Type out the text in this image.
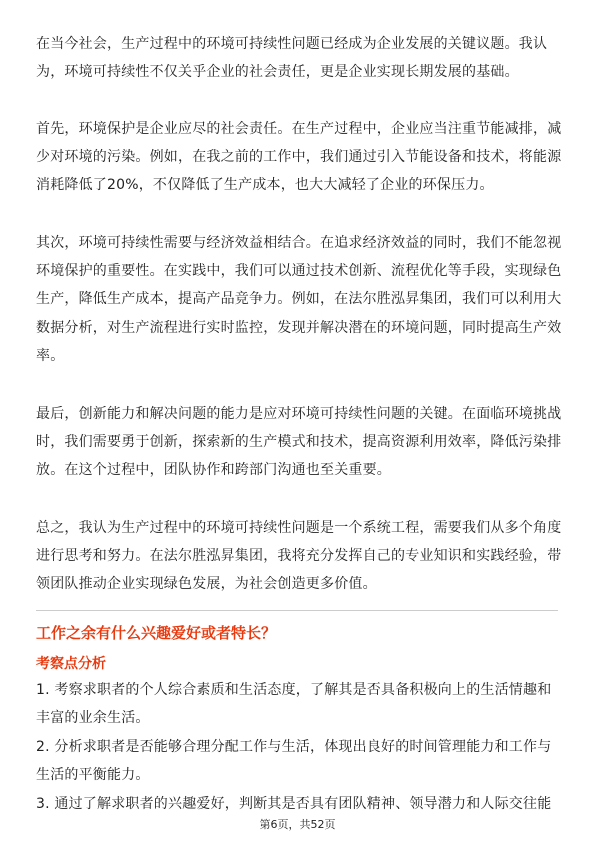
在当今社会，生产过程中的环境可持续性问题已经成为企业发展的关键议题。我认为，环境可持续性不仅关乎企业的社会责任，更是企业实现长期发展的基础。

首先，环境保护是企业应尽的社会责任。在生产过程中，企业应当注重节能减排，减少对环境的污染。例如，在我之前的工作中，我们通过引入节能设备和技术，将能源消耗降低了20%，不仅降低了生产成本，也大大减轻了企业的环保压力。

其次，环境可持续性需要与经济效益相结合。在追求经济效益的同时，我们不能忽视环境保护的重要性。在实践中，我们可以通过技术创新、流程优化等手段，实现绿色生产，降低生产成本，提高产品竞争力。例如，在法尔胜泓昇集团，我们可以利用大数据分析，对生产流程进行实时监控，发现并解决潜在的环境问题，同时提高生产效率。

最后，创新能力和解决问题的能力是应对环境可持续性问题的关键。在面临环境挑战时，我们需要勇于创新，探索新的生产模式和技术，提高资源利用效率，降低污染排放。在这个过程中，团队协作和跨部门沟通也至关重要。

总之，我认为生产过程中的环境可持续性问题是一个系统工程，需要我们从多个角度进行思考和努力。在法尔胜泓昇集团，我将充分发挥自己的专业知识和实践经验，带领团队推动企业实现绿色发展，为社会创造更多价值。

工作之余有什么兴趣爱好或者特长？
考察点分析

1. 考察求职者的个人综合素质和生活态度，了解其是否具备积极向上的生活情趣和丰富的业余生活。

2. 分析求职者是否能够合理分配工作与生活，体现出良好的时间管理能力和工作与生活的平衡能力。

3. 通过了解求职者的兴趣爱好，判断其是否具有团队精神、领导潜力和人际交往能

第6页，共52页
